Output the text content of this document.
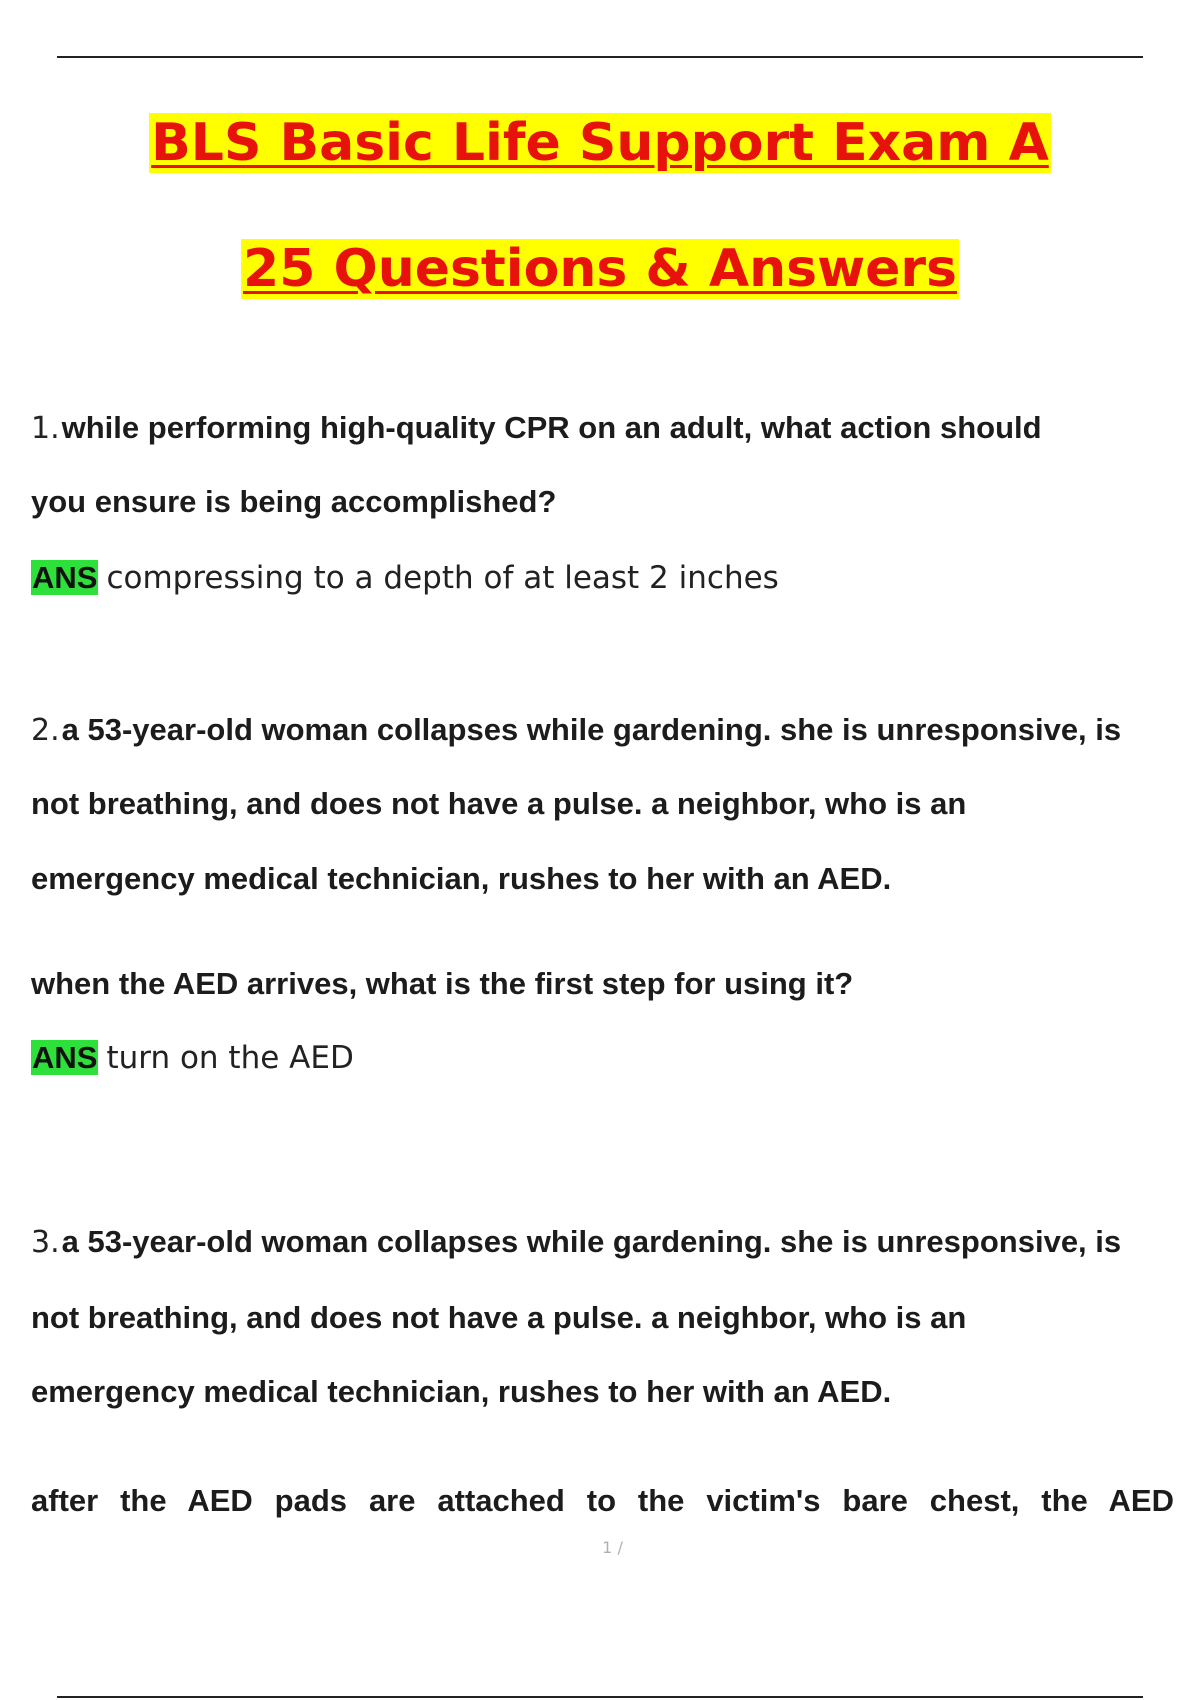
BLS Basic Life Support Exam A
25 Questions & Answers
1.while performing high-quality CPR on an adult, what action should
you ensure is being accomplished?
ANS compressing to a depth of at least 2 inches
2.a 53-year-old woman collapses while gardening. she is unresponsive, is
not breathing, and does not have a pulse. a neighbor, who is an
emergency medical technician, rushes to her with an AED.
when the AED arrives, what is the first step for using it?
ANS turn on the AED
3.a 53-year-old woman collapses while gardening. she is unresponsive, is
not breathing, and does not have a pulse. a neighbor, who is an
emergency medical technician, rushes to her with an AED.
after the AED pads are attached to the victim's bare chest, the AED
1 /
